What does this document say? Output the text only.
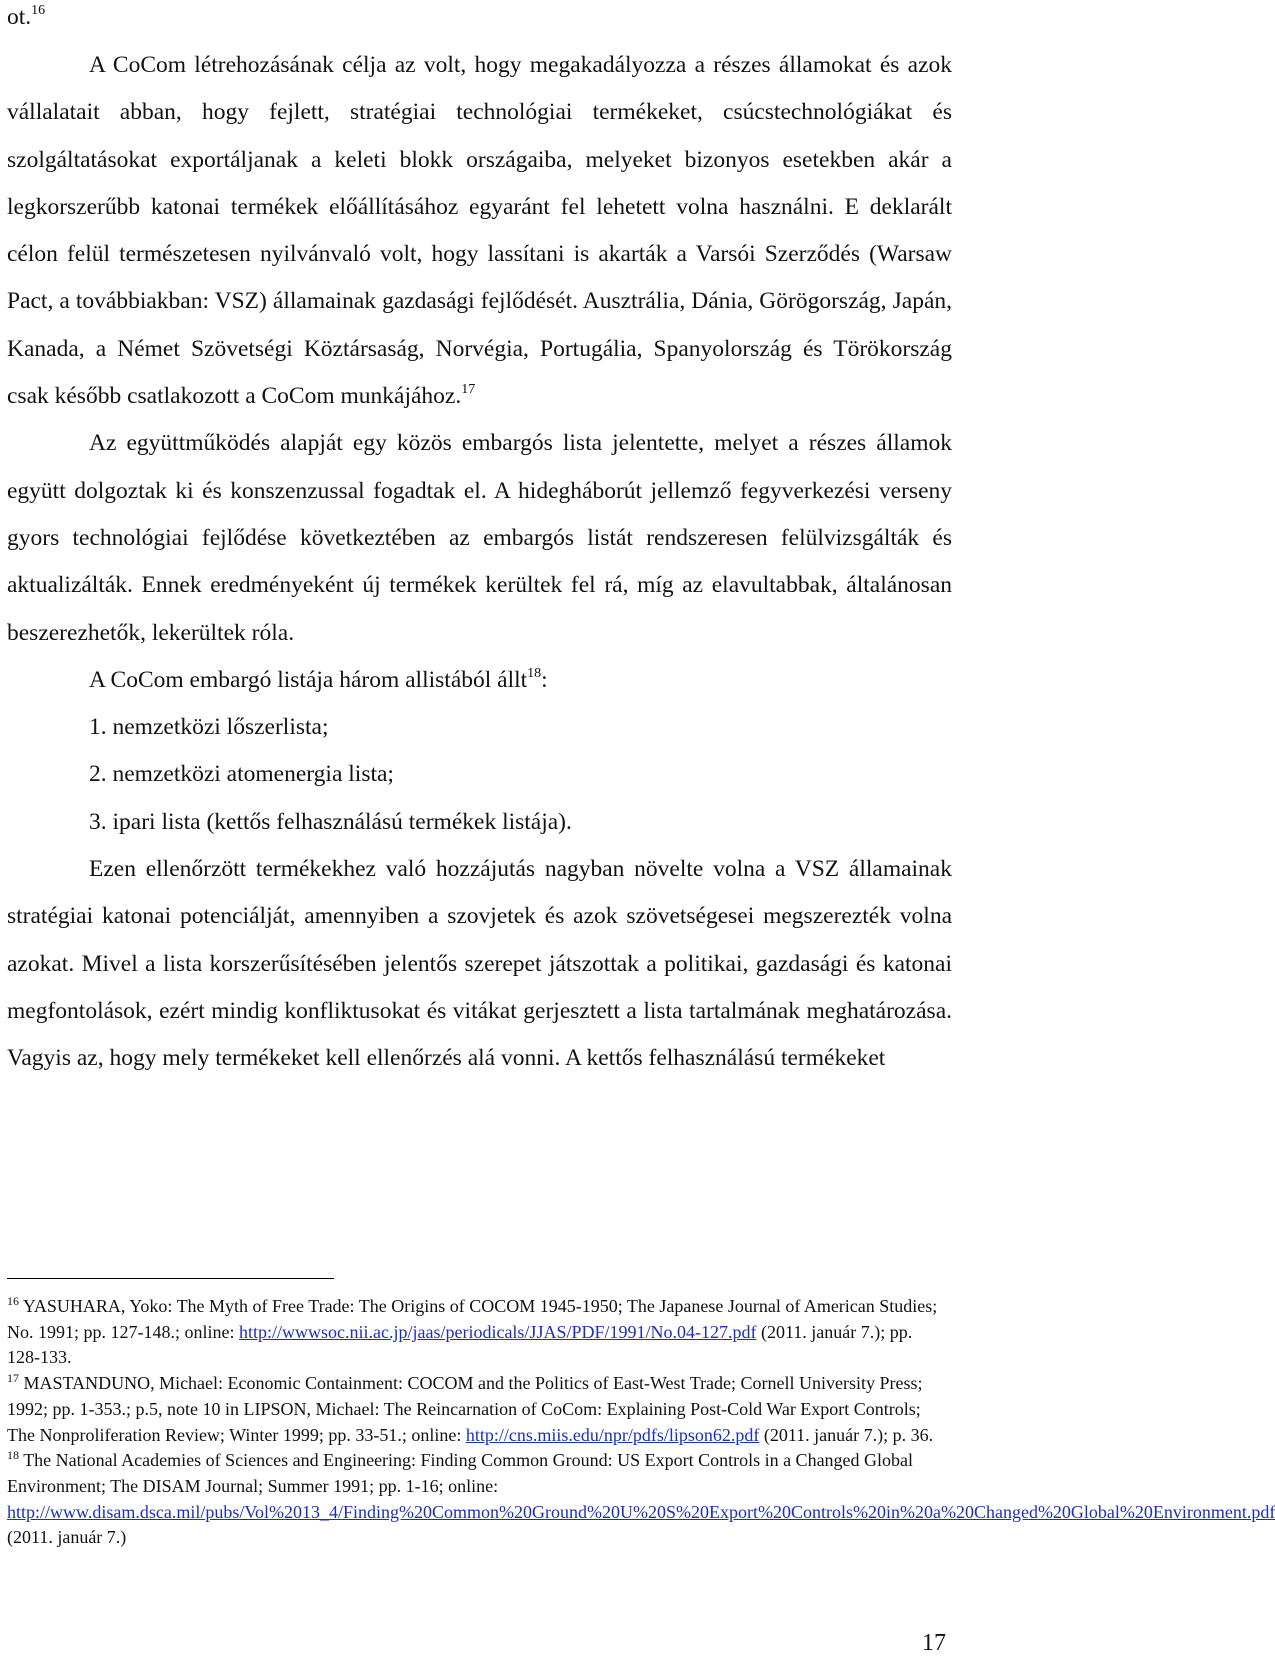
ot.$^{16}$

A CoCom létrehozásának célja az volt, hogy megakadályozza a részes államokat és azok vállalatait abban, hogy fejlett, stratégiai technológiai termékeket, csúcstechnológiákat és szolgáltatásokat exportáljanak a keleti blokk országaiba, melyeket bizonyos esetekben akár a legkorszerűbb katonai termékek előállításához egyaránt fel lehetett volna használni. E deklarált célon felül természetesen nyilvánvaló volt, hogy lassítani is akarták a Varsói Szerződés (Warsaw Pact, a továbbiakban: VSZ) államainak gazdasági fejlődését. Ausztrália, Dánia, Görögország, Japán, Kanada, a Német Szövetségi Köztársaság, Norvégia, Portugália, Spanyolország és Törökország csak később csatlakozott a CoCom munkájához.$^{17}$

Az együttműködés alapját egy közös embargós lista jelentette, melyet a részes államok együtt dolgoztak ki és konszenzussal fogadtak el. A hidegháborút jellemző fegyverkezési verseny gyors technológiai fejlődése következtében az embargós listát rendszeresen felülvizsgálták és aktualizálták. Ennek eredményeként új termékek kerültek fel rá, míg az elavultabbak, általánosan beszerezhetők, lekerültek róla.

A CoCom embargó listája három allistából állt$^{18}$:

1. nemzetközi lőszerlista;

2. nemzetközi atomenergia lista;

3. ipari lista (kettős felhasználású termékek listája).

Ezen ellenőrzött termékekhez való hozzájutás nagyban növelte volna a VSZ államainak stratégiai katonai potenciálját, amennyiben a szovjetek és azok szövetségesei megszerezték volna azokat. Mivel a lista korszerűsítésében jelentős szerepet játszottak a politikai, gazdasági és katonai megfontolások, ezért mindig konfliktusokat és vitákat gerjesztett a lista tartalmának meghatározása. Vagyis az, hogy mely termékeket kell ellenőrzés alá vonni. A kettős felhasználású termékeket

$^{16}$ YASUHARA, Yoko: The Myth of Free Trade: The Origins of COCOM 1945-1950; The Japanese Journal of American Studies; No. 1991; pp. 127-148.; online: http://wwwsoc.nii.ac.jp/jaas/periodicals/JJAS/PDF/1991/No.04-127.pdf (2011. január 7.); pp. 128-133.

$^{17}$ MASTANDUNO, Michael: Economic Containment: COCOM and the Politics of East-West Trade; Cornell University Press; 1992; pp. 1-353.; p.5, note 10 in LIPSON, Michael: The Reincarnation of CoCom: Explaining Post-Cold War Export Controls; The Nonproliferation Review; Winter 1999; pp. 33-51.; online: http://cns.miis.edu/npr/pdfs/lipson62.pdf (2011. január 7.); p. 36.

$^{18}$ The National Academies of Sciences and Engineering: Finding Common Ground: US Export Controls in a Changed Global Environment; The DISAM Journal; Summer 1991; pp. 1-16; online: http://www.disam.dsca.mil/pubs/Vol%2013_4/Finding%20Common%20Ground%20U%20S%20Export%20Controls%20in%20a%20Changed%20Global%20Environment.pdf (2011. január 7.)

17
